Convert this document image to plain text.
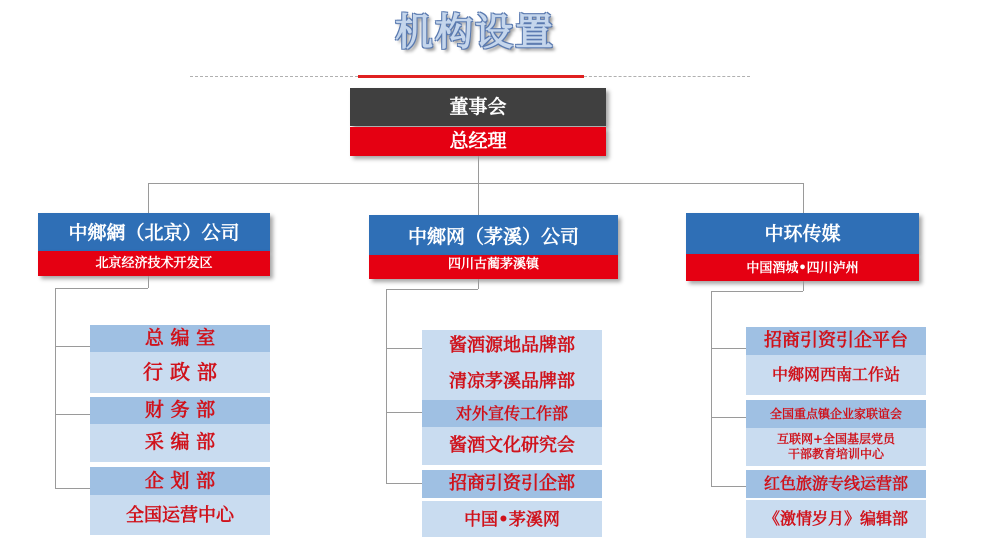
机构设置
董事会
总经理
中鄉網（北京）公司
北京经济技术开发区
中鄉网（茅溪）公司
四川古蔺茅溪镇
中环传媒
中国酒城•四川泸州
总 编 室
行 政 部
财 务 部
采 编 部
企 划 部
全国运营中心
酱酒源地品牌部
清凉茅溪品牌部
对外宣传工作部
酱酒文化研究会
招商引资引企部
中国•茅溪网
招商引资引企平台
中鄉网西南工作站
全国重点镇企业家联谊会
互联网+全国基层党员
干部教育培训中心
红色旅游专线运营部
《激情岁月》编辑部
